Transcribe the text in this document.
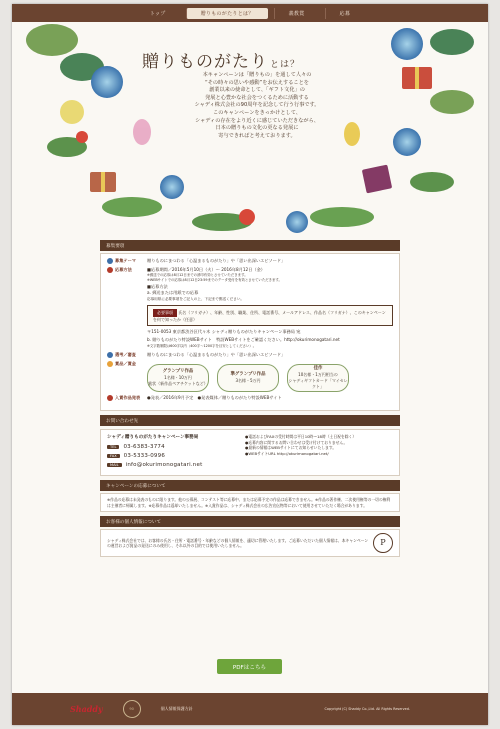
トップ	贈りものがたりとは？	義教賞	応募
贈りものがたり とは？
本キャンペーンは「贈りもの」を通して人々の
“その時々の思いや感動”をお伝えすることを
創業以来の使命として、「ギフト文化」の
発展と心豊かな社会をつくるために活動する
シャディ株式会社の90周年を記念して行う行事です。
このキャンペーンをきっかけとして、
シャディの存在をより近くに感じていただきながら、
日本の贈りもの文化の更なる発展に
寄与できればと考えております。
募集要項
募集テーマ	贈りものにまつわる「心温まるものがたり」や「思い出深いエピソード」
応募方法	■応募期間／2016年5月10日（火）〜 2016年8月12日（金）
※郵送での応募は8月12日までの消印有効とさせていただきます。
※WEBサイトでの応募は8月12日23:59までのデータ受付を有効とさせていただきます。
■応募方法
a. 郵送または用紙での応募
応募用紙に必要事項をご記入の上、下記まで郵送ください。
必要事項 氏名（フリガナ）、年齢、性別、職業、住所、電話番号、メールアドレス、作品名（フリガナ）、このキャンペーンを何で知ったか（任意）
〒151-0053 東京都渋谷区代々木 シャディ贈りものがたりキャンペーン事務局 宛
b. 贈りものがたり特設WEBサイト　特設WEBサイトをご確認ください。http://okurimonogatari.net
※文字数制限は600字以内（400字〜1200字を目安としてください）。
選考／審査	贈りものにまつわる「心温まるものがたり」や「思い出深いエピソード」
賞品／賞金
グランプリ作品
1名様・10万円
賞状（新作品ペアチケットなど）
準グランプリ作品
3名様・5万円
佳作
10名様・1万円相当の
シャディギフトカード「マイセレクト」
入賞作品発表 ●発表／2016年9月予定　●発表媒体／贈りものがたり特設WEBサイト
お問い合わせ先
シャディ贈りものがたりキャンペーン事務局
TEL	03-6383-3774
FAX	03-5333-0996
MAIL	info@okurimonogatari.net
●電話およびFAXの受付時間は平日10時〜18時（土日祝を除く）
●応募内容に関するお問い合わせは受け付けておりません。
●最新の情報はWEBサイトにてお知らせいたします。
●WEBサイトURL http://okurimonogatari.net/
キャンペーンの応募について
※作品の応募は未発表のものに限ります。他の公募展、コンテスト等に応募中、または応募予定の作品は応募できません。※作品の著作権、二次使用権等の一切の権利は主催者に帰属します。※応募作品は返却いたしません。※入賞作品は、シャディ株式会社の広告宣伝物等において使用させていただく場合があります。
お客様の個人情報について
シャディ株式会社では、お客様の氏名・住所・電話番号・年齢などの個人情報を、適切に管理いたします。ご応募いただいた個人情報は、本キャンペーンの運営および賞品の発送にのみ使用し、それ以外の目的では使用いたしません。	P
PDFはこちら
Shaddy	90	個人情報保護方針	Copyright (C) Shaddy Co.,Ltd. All Rights Reserved.
